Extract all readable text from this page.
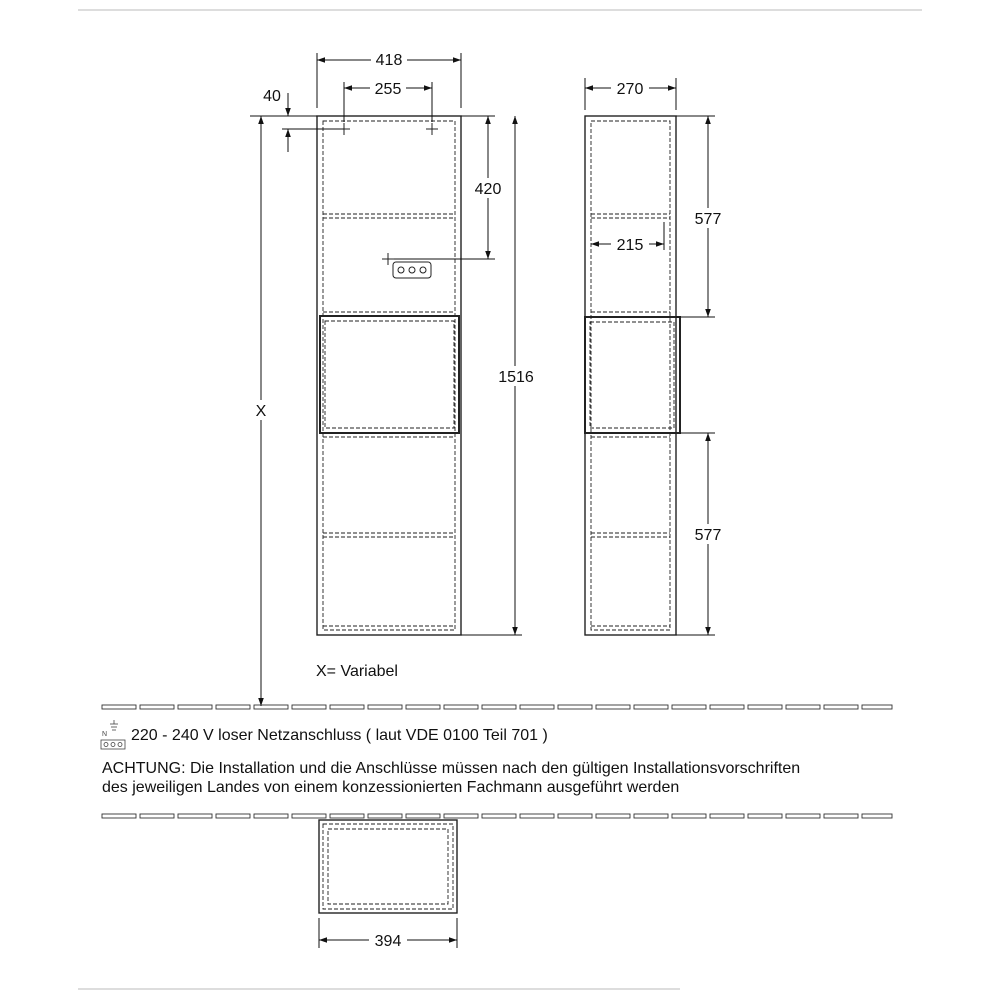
418
255
40
420
1516
X
270
215
577
577
394
N

X= Variabel

220 - 240 V loser Netzanschluss ( laut VDE 0100 Teil 701 )

ACHTUNG: Die Installation und die Anschlüsse müssen nach den gültigen Installationsvorschriften

des jeweiligen Landes von einem konzessionierten Fachmann ausgeführt werden
